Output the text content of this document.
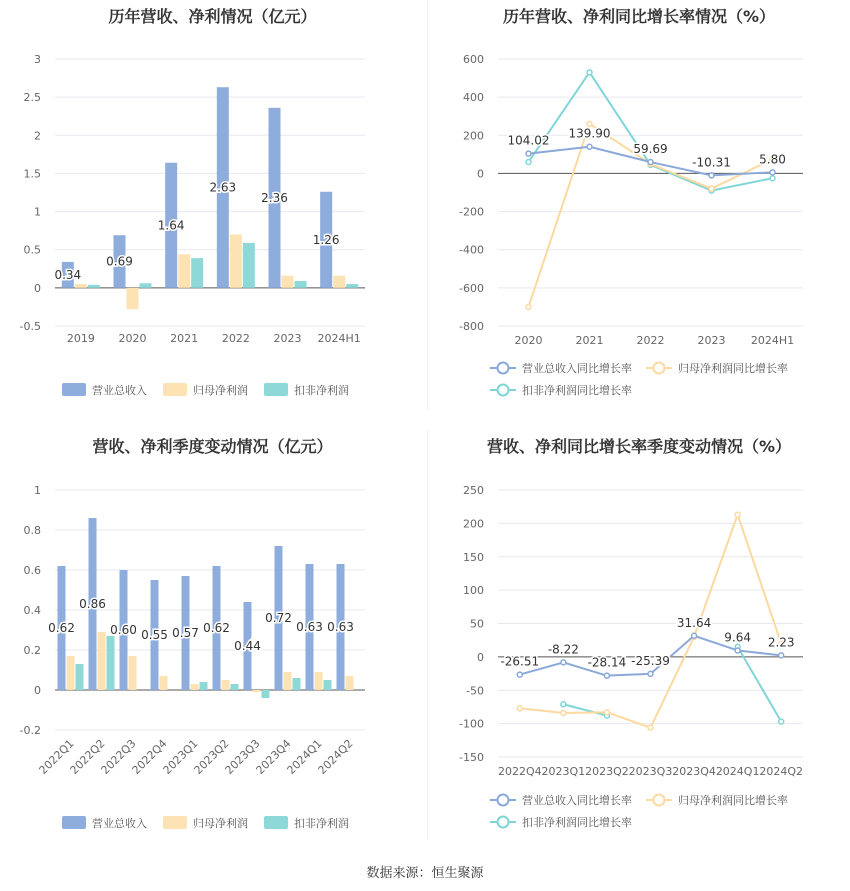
历年营收、净利情况（亿元）
3
2.5
2
1.5
1
0.5
0
-0.5
0.34
2019
0.69
2020
1.64
2021
2.63
2022
2.36
2023
1.26
2024H1
营业总收入	归母净利润	扣非净利润
历年营收、净利同比增长率情况（%）
600
400
200
0
-200
-400
-600
-800
104.02 139.90
59.69
-10.31 5.80
2020	2021	2022	2023 2024H1
营业总收入同比增长率	归母净利润同比增长率
扣非净利润同比增长率
营收、净利季度变动情况（亿元）
1
0.8
0.6
0.4
0.2
0
-0.2
0.62
2022Q1
0.86
2022Q2
0.60
2022Q3
0.55
2022Q4
0.57
2023Q1
0.62
2023Q2
0.44
2023Q3
0.72
2023Q4
0.63
2024Q1
0.63
2024Q2
营业总收入	归母净利润	扣非净利润
营收、净利同比增长率季度变动情况（%）
250
200
150
100
50
0
-50
-100
-150
-26.51
-8.22
-28.14 -25.39
31.64
9.64 2.23
2022Q4 2023Q1 2023Q2 2023Q3 2023Q4 2024Q1 2024Q2
营业总收入同比增长率	归母净利润同比增长率
扣非净利润同比增长率
数据来源：恒生聚源
